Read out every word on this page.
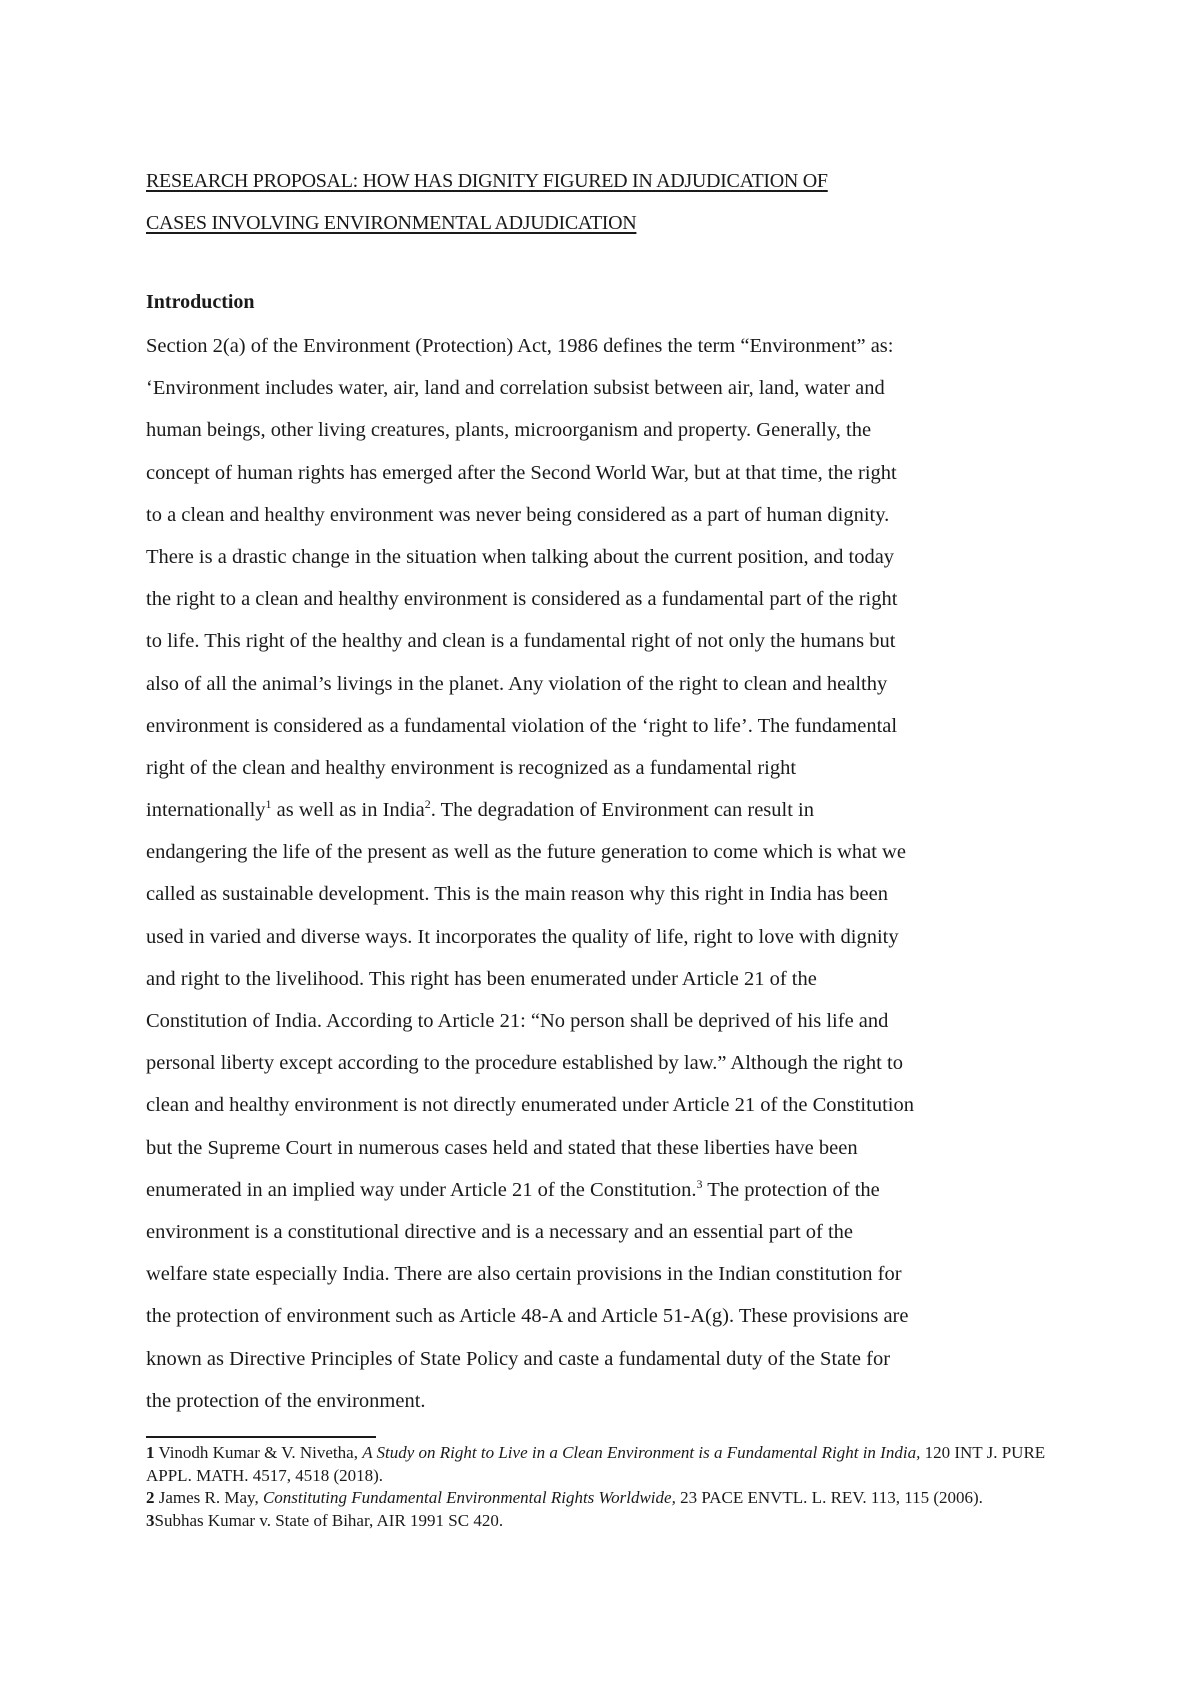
RESEARCH PROPOSAL: HOW HAS DIGNITY FIGURED IN ADJUDICATION OF
CASES INVOLVING ENVIRONMENTAL ADJUDICATION
Introduction
Section 2(a) of the Environment (Protection) Act, 1986 defines the term “Environment” as:
‘Environment includes water, air, land and correlation subsist between air, land, water and
human beings, other living creatures, plants, microorganism and property. Generally, the
concept of human rights has emerged after the Second World War, but at that time, the right
to a clean and healthy environment was never being considered as a part of human dignity.
There is a drastic change in the situation when talking about the current position, and today
the right to a clean and healthy environment is considered as a fundamental part of the right
to life. This right of the healthy and clean is a fundamental right of not only the humans but
also of all the animal’s livings in the planet. Any violation of the right to clean and healthy
environment is considered as a fundamental violation of the ‘right to life’. The fundamental
right of the clean and healthy environment is recognized as a fundamental right
internationally$^1$ as well as in India$^2$. The degradation of Environment can result in
endangering the life of the present as well as the future generation to come which is what we
called as sustainable development. This is the main reason why this right in India has been
used in varied and diverse ways. It incorporates the quality of life, right to love with dignity
and right to the livelihood. This right has been enumerated under Article 21 of the
Constitution of India. According to Article 21: “No person shall be deprived of his life and
personal liberty except according to the procedure established by law.” Although the right to
clean and healthy environment is not directly enumerated under Article 21 of the Constitution
but the Supreme Court in numerous cases held and stated that these liberties have been
enumerated in an implied way under Article 21 of the Constitution.$^3$ The protection of the
environment is a constitutional directive and is a necessary and an essential part of the
welfare state especially India. There are also certain provisions in the Indian constitution for
the protection of environment such as Article 48-A and Article 51-A(g). These provisions are
known as Directive Principles of State Policy and caste a fundamental duty of the State for
the protection of the environment.

1 Vinodh Kumar & V. Nivetha, A Study on Right to Live in a Clean Environment is a Fundamental Right in India, 120 INT J. PURE APPL. MATH. 4517, 4518 (2018).

2 James R. May, Constituting Fundamental Environmental Rights Worldwide, 23 PACE ENVTL. L. REV. 113, 115 (2006).

3Subhas Kumar v. State of Bihar, AIR 1991 SC 420.
